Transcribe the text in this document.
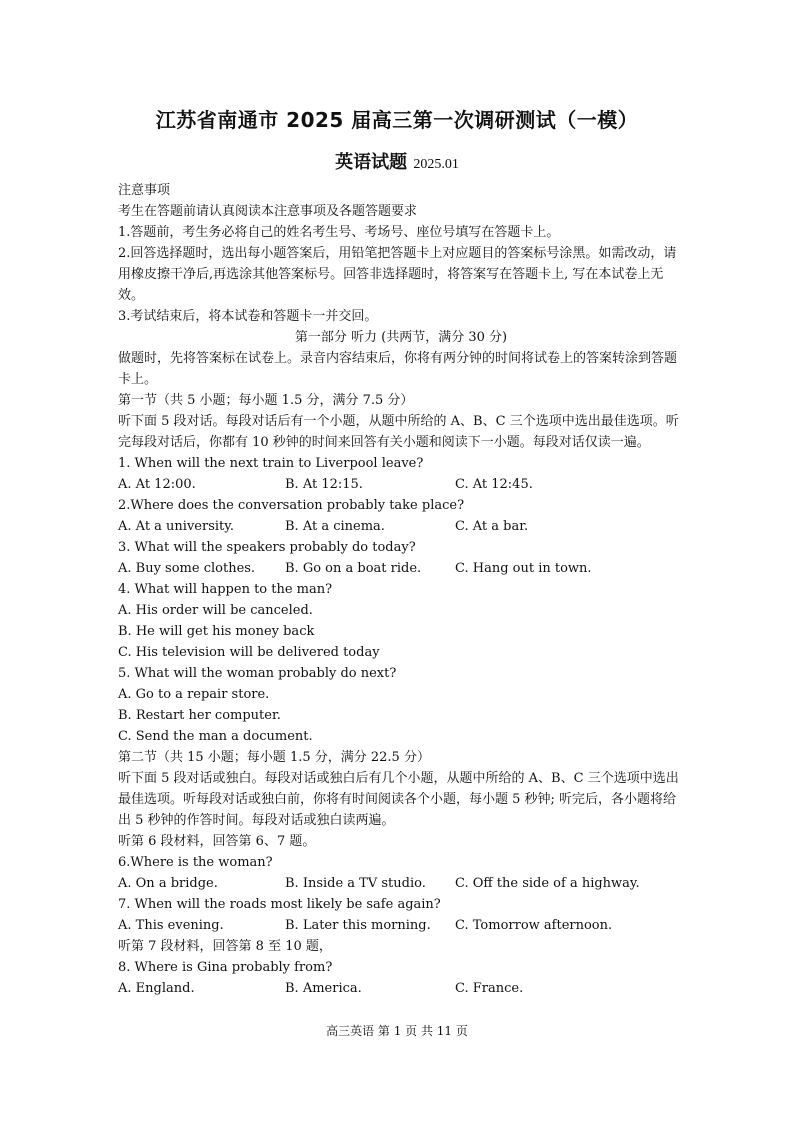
江苏省南通市 2025 届高三第一次调研测试（一模）
英语试题 2025.01
注意事项
考生在答题前请认真阅读本注意事项及各题答题要求
1.答题前，考生务必将自己的姓名考生号、考场号、座位号填写在答题卡上。
2.回答选择题时，选出每小题答案后，用铅笔把答题卡上对应题目的答案标号涂黑。如需改动，请用橡皮擦干净后,再选涂其他答案标号。回答非选择题时，将答案写在答题卡上, 写在本试卷上无效。
3.考试结束后，将本试卷和答题卡一并交回。
第一部分 听力 (共两节，满分 30 分)
做题时，先将答案标在试卷上。录音内容结束后，你将有两分钟的时间将试卷上的答案转涂到答题卡上。
第一节（共 5 小题；每小题 1.5 分，满分 7.5 分）
听下面 5 段对话。每段对话后有一个小题，从题中所给的 A、B、C 三个选项中选出最佳选项。听完每段对话后，你都有 10 秒钟的时间来回答有关小题和阅读下一小题。每段对话仅读一遍。
1. When will the next train to Liverpool leave?
A. At 12:00.	B. At 12:15.	C. At 12:45.
2.Where does the conversation probably take place?
A. At a university.	B. At a cinema.	C. At a bar.
3. What will the speakers probably do today?
A. Buy some clothes.	B. Go on a boat ride.	C. Hang out in town.
4. What will happen to the man?
A. His order will be canceled.
B. He will get his money back
C. His television will be delivered today
5. What will the woman probably do next?
A. Go to a repair store.
B. Restart her computer.
C. Send the man a document.
第二节（共 15 小题；每小题 1.5 分，满分 22.5 分）
听下面 5 段对话或独白。每段对话或独白后有几个小题，从题中所给的 A、B、C 三个选项中选出最佳选项。听每段对话或独白前，你将有时间阅读各个小题，每小题 5 秒钟; 听完后，各小题将给出 5 秒钟的作答时间。每段对话或独白读两遍。
听第 6 段材料，回答第 6、7 题。
6.Where is the woman?
A. On a bridge.	B. Inside a TV studio.	C. Off the side of a highway.
7. When will the roads most likely be safe again?
A. This evening.	B. Later this morning.	C. Tomorrow afternoon.
听第 7 段材料，回答第 8 至 10 题，
8. Where is Gina probably from?
A. England.	B. America.	C. France.
高三英语 第 1 页 共 11 页
